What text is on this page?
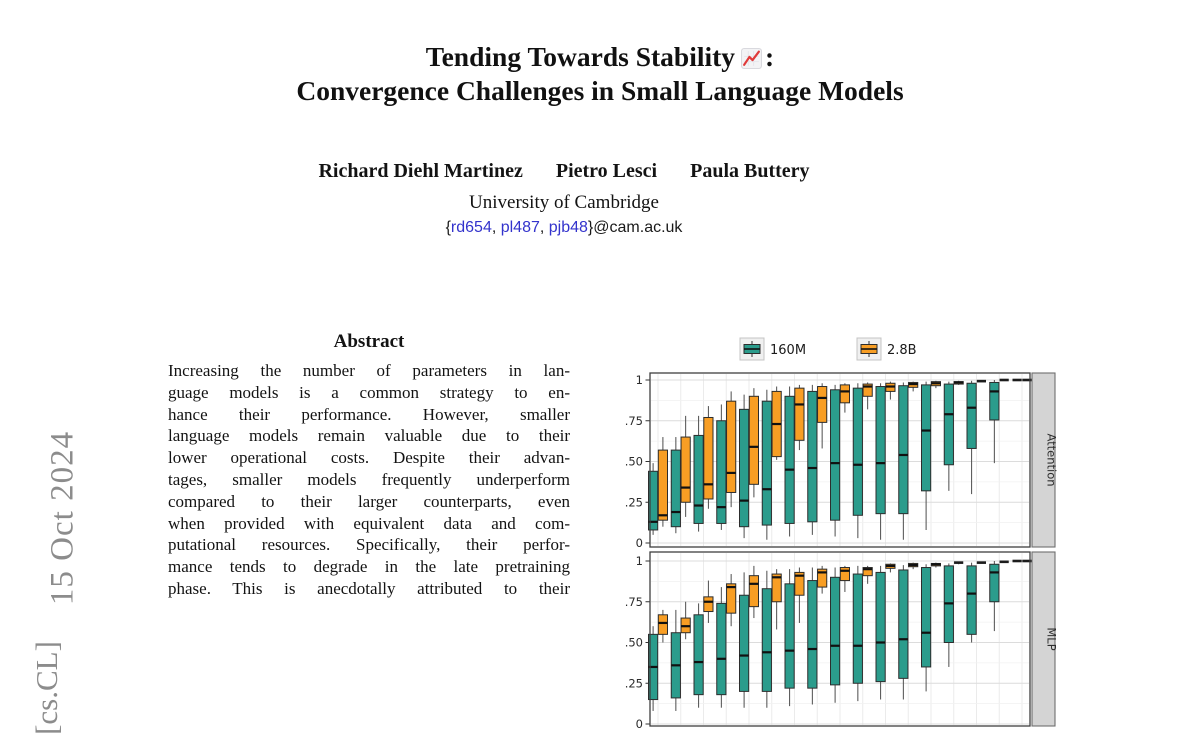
15 Oct 2024
[cs.CL]
Tending Towards Stability :
Convergence Challenges in Small Language Models
Richard Diehl Martinez Pietro Lesci Paula Buttery
University of Cambridge
{rd654, pl487, pjb48}@cam.ac.uk
Abstract
Increasing the number of parameters in lan-
guage models is a common strategy to en-
hance their performance. However, smaller
language models remain valuable due to their
lower operational costs. Despite their advan-
tages, smaller models frequently underperform
compared to their larger counterparts, even
when provided with equivalent data and com-
putational resources. Specifically, their perfor-
mance tends to degrade in the late pretraining
phase. This is anecdotally attributed to their
1
.75
.50
.25
0
Attention
1
.75
.50
.25
0
MLP
160M	2.8B
